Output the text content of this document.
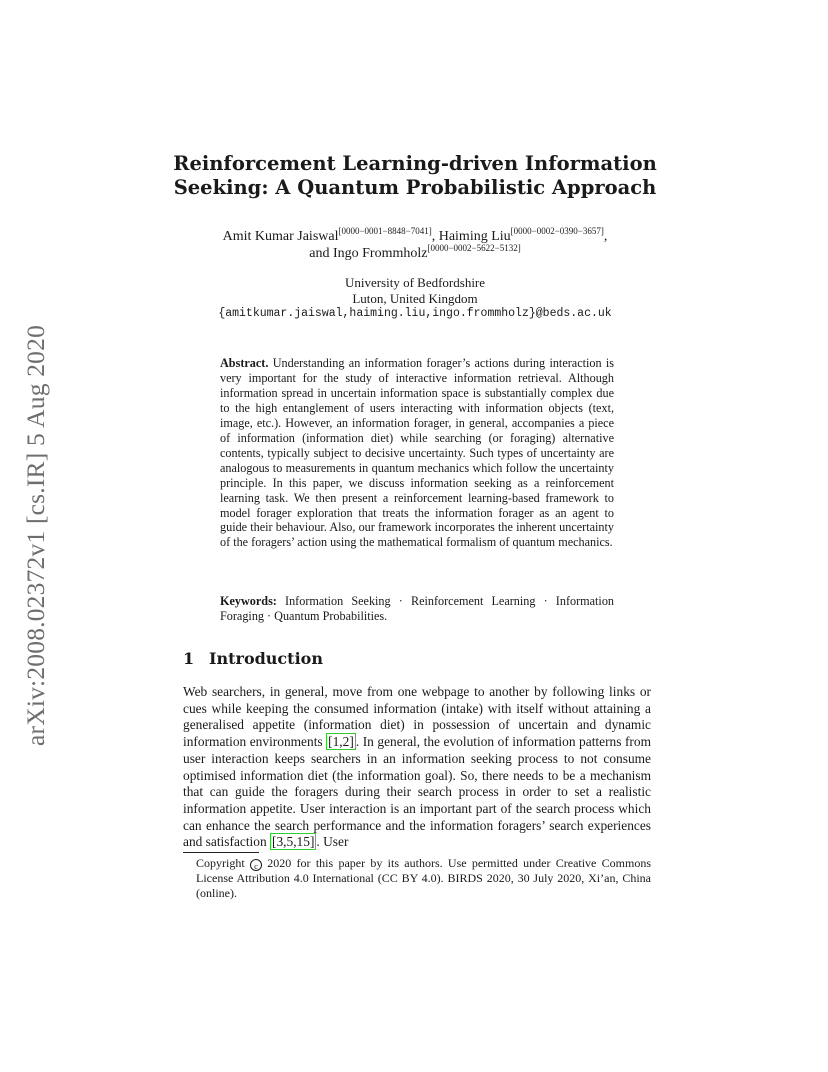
arXiv:2008.02372v1 [cs.IR] 5 Aug 2020
Reinforcement Learning-driven Information
Seeking: A Quantum Probabilistic Approach
Amit Kumar Jaiswal[0000−0001−8848−7041], Haiming Liu[0000−0002−0390−3657],
and Ingo Frommholz[0000−0002−5622−5132]
University of Bedfordshire
Luton, United Kingdom
{amitkumar.jaiswal,haiming.liu,ingo.frommholz}@beds.ac.uk

Abstract. Understanding an information forager’s actions during interaction is very important for the study of interactive information retrieval. Although information spread in uncertain information space is substantially complex due to the high entanglement of users interacting with information objects (text, image, etc.). However, an information forager, in general, accompanies a piece of information (information diet) while searching (or foraging) alternative contents, typically subject to decisive uncertainty. Such types of uncertainty are analogous to measurements in quantum mechanics which follow the uncertainty principle. In this paper, we discuss information seeking as a reinforcement learning task. We then present a reinforcement learning-based framework to model forager exploration that treats the information forager as an agent to guide their behaviour. Also, our framework incorporates the inherent uncertainty of the foragers’ action using the mathematical formalism of quantum mechanics.

Keywords: Information Seeking · Reinforcement Learning · Information Foraging · Quantum Probabilities.
1 Introduction

Web searchers, in general, move from one webpage to another by following links or cues while keeping the consumed information (intake) with itself without attaining a generalised appetite (information diet) in possession of uncertain and dynamic information environments [1,2] . In general, the evolution of information patterns from user interaction keeps searchers in an information seeking process to not consume optimised information diet (the information goal). So, there needs to be a mechanism that can guide the foragers during their search process in order to set a realistic information appetite. User interaction is an important part of the search process which can enhance the search performance and the information foragers’ search experiences and satisfaction [3,5,15] . User

Copyright c 2020 for this paper by its authors. Use permitted under Creative Commons License Attribution 4.0 International (CC BY 4.0). BIRDS 2020, 30 July 2020, Xi’an, China (online).
